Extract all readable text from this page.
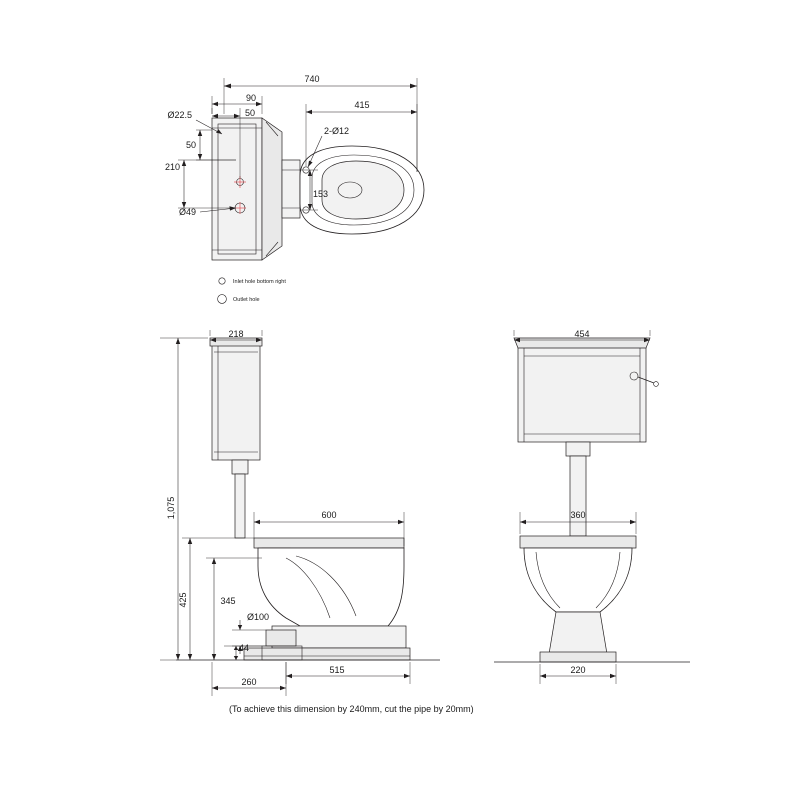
740
90
50
415
Ø22.5
2-Ø12
50
210
Ø49
153
Inlet hole bottom right
Outlet hole
218
1,075	600
425	345
Ø100
44
260
515
454
360
220
(To achieve this dimension by 240mm, cut the pipe by 20mm)
